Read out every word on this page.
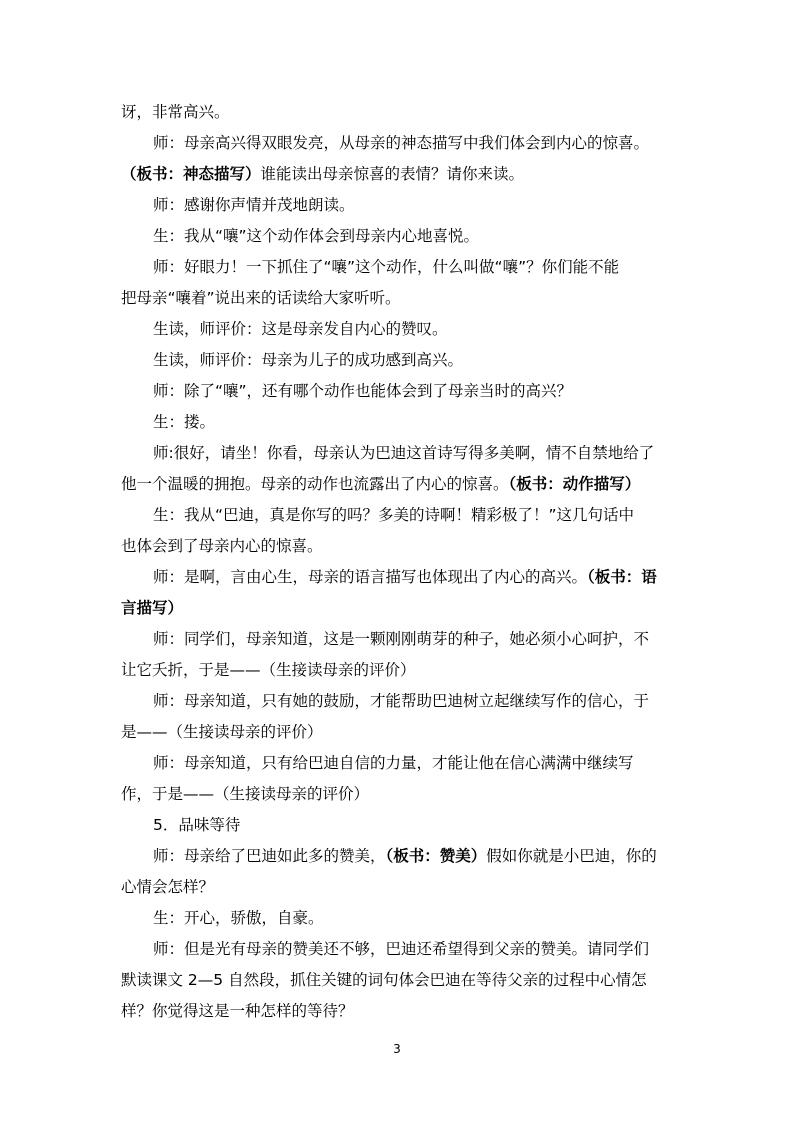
讶，非常高兴。
师：母亲高兴得双眼发亮，从母亲的神态描写中我们体会到内心的惊喜。
（板书：神态描写）谁能读出母亲惊喜的表情？请你来读。
师：感谢你声情并茂地朗读。
生：我从“嚷”这个动作体会到母亲内心地喜悦。
师：好眼力！一下抓住了“嚷”这个动作，什么叫做“嚷”？你们能不能
把母亲“嚷着”说出来的话读给大家听听。
生读，师评价：这是母亲发自内心的赞叹。
生读，师评价：母亲为儿子的成功感到高兴。
师：除了“嚷”，还有哪个动作也能体会到了母亲当时的高兴？
生：搂。
师:很好，请坐！你看，母亲认为巴迪这首诗写得多美啊，情不自禁地给了
他一个温暖的拥抱。母亲的动作也流露出了内心的惊喜。（板书：动作描写）
生：我从“巴迪，真是你写的吗？多美的诗啊！精彩极了！”这几句话中
也体会到了母亲内心的惊喜。
师：是啊，言由心生，母亲的语言描写也体现出了内心的高兴。（板书：语
言描写）
师：同学们，母亲知道，这是一颗刚刚萌芽的种子，她必须小心呵护，不
让它夭折，于是——（生接读母亲的评价）
师：母亲知道，只有她的鼓励，才能帮助巴迪树立起继续写作的信心，于
是——（生接读母亲的评价）
师：母亲知道，只有给巴迪自信的力量，才能让他在信心满满中继续写
作，于是——（生接读母亲的评价）
5．品味等待
师：母亲给了巴迪如此多的赞美，（板书：赞美）假如你就是小巴迪，你的
心情会怎样？
生：开心，骄傲，自豪。
师：但是光有母亲的赞美还不够，巴迪还希望得到父亲的赞美。请同学们
默读课文 2—5 自然段，抓住关键的词句体会巴迪在等待父亲的过程中心情怎
样？你觉得这是一种怎样的等待？
3
